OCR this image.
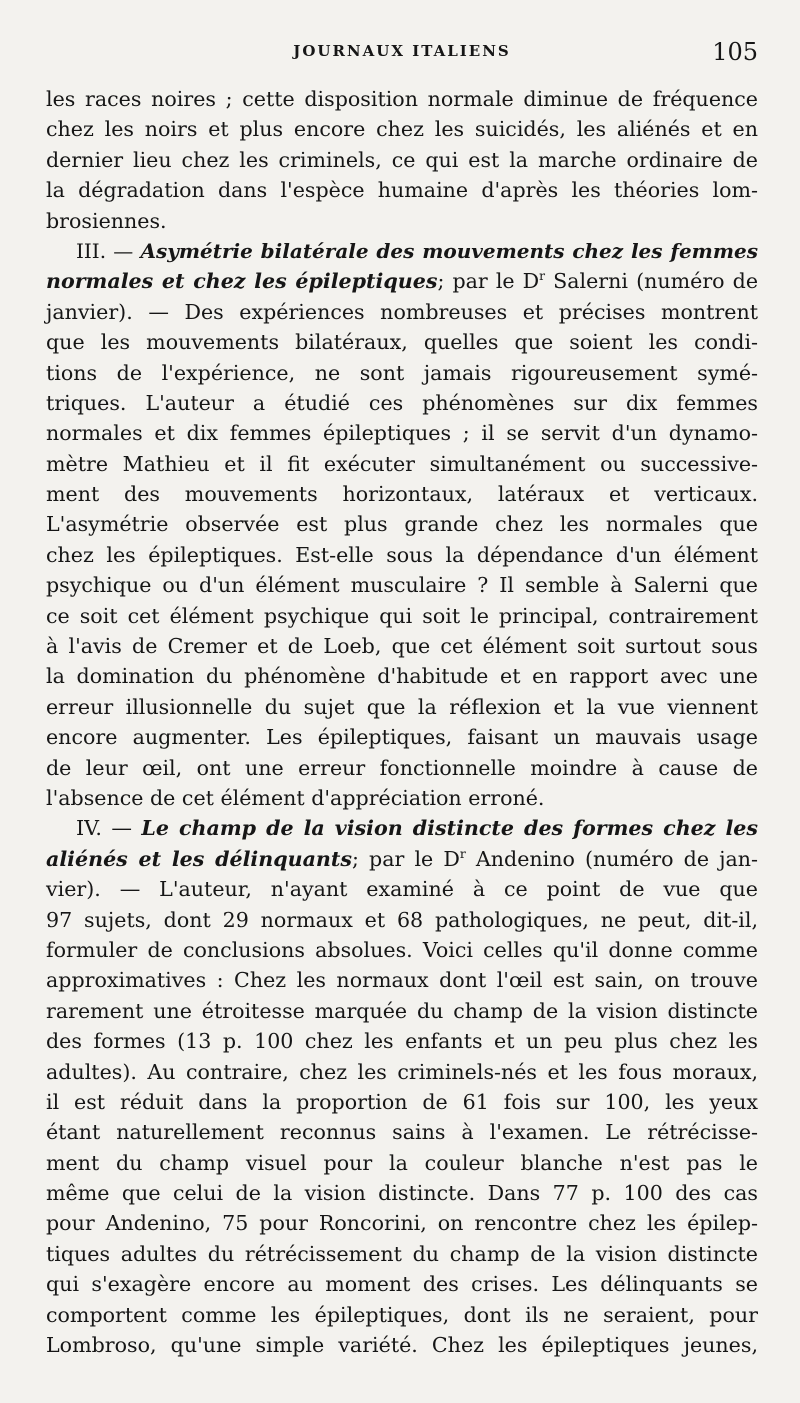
JOURNAUX ITALIENS	105
les races noires ; cette disposition normale diminue de fréquence
chez les noirs et plus encore chez les suicidés, les aliénés et en
dernier lieu chez les criminels, ce qui est la marche ordinaire de
la dégradation dans l'espèce humaine d'après les théories lom-
brosiennes.
III. — Asymétrie bilatérale des mouvements chez les femmes
normales et chez les épileptiques; par le $D^r$ Salerni (numéro de
janvier). — Des expériences nombreuses et précises montrent
que les mouvements bilatéraux, quelles que soient les condi-
tions de l'expérience, ne sont jamais rigoureusement symé-
triques. L'auteur a étudié ces phénomènes sur dix femmes
normales et dix femmes épileptiques ; il se servit d'un dynamo-
mètre Mathieu et il fit exécuter simultanément ou successive-
ment des mouvements horizontaux, latéraux et verticaux.
L'asymétrie observée est plus grande chez les normales que
chez les épileptiques. Est-elle sous la dépendance d'un élément
psychique ou d'un élément musculaire ? Il semble à Salerni que
ce soit cet élément psychique qui soit le principal, contrairement
à l'avis de Cremer et de Loeb, que cet élément soit surtout sous
la domination du phénomène d'habitude et en rapport avec une
erreur illusionnelle du sujet que la réflexion et la vue viennent
encore augmenter. Les épileptiques, faisant un mauvais usage
de leur œil, ont une erreur fonctionnelle moindre à cause de
l'absence de cet élément d'appréciation erroné.
IV. — Le champ de la vision distincte des formes chez les
aliénés et les délinquants; par le $D^r$ Andenino (numéro de jan-
vier). — L'auteur, n'ayant examiné à ce point de vue que
97 sujets, dont 29 normaux et 68 pathologiques, ne peut, dit-il,
formuler de conclusions absolues. Voici celles qu'il donne comme
approximatives : Chez les normaux dont l'œil est sain, on trouve
rarement une étroitesse marquée du champ de la vision distincte
des formes (13 p. 100 chez les enfants et un peu plus chez les
adultes). Au contraire, chez les criminels-nés et les fous moraux,
il est réduit dans la proportion de 61 fois sur 100, les yeux
étant naturellement reconnus sains à l'examen. Le rétrécisse-
ment du champ visuel pour la couleur blanche n'est pas le
même que celui de la vision distincte. Dans 77 p. 100 des cas
pour Andenino, 75 pour Roncorini, on rencontre chez les épilep-
tiques adultes du rétrécissement du champ de la vision distincte
qui s'exagère encore au moment des crises. Les délinquants se
comportent comme les épileptiques, dont ils ne seraient, pour
Lombroso, qu'une simple variété. Chez les épileptiques jeunes,
